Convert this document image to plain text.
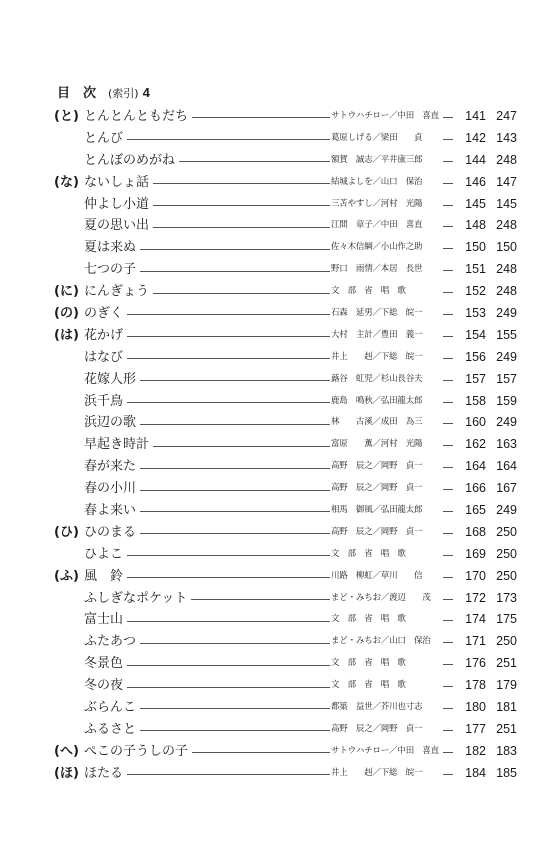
目　次 (索引) 4
(と) とんとんともだち	サトウハチロー／中田　喜直	141 247
とんび	葛原しげる／梁田　　貞	142 143
とんぼのめがね	額賀　誠志／平井康三郎	144 248
(な) ないしょ話	結城よしを／山口　保治	146 147
仲よし小道	三苫やすし／河村　光陽	145 145
夏の思い出	江間　章子／中田　喜直	148 248
夏は来ぬ	佐々木信綱／小山作之助	150 150
七つの子	野口　雨情／本居　長世	151 248
(に) にんぎょう	文　部　省　唱　歌	152 248
(の) のぎく	石森　延男／下総　皖一	153 249
(は) 花かげ	大村　主計／豊田　義一	154 155
はなび	井上　　赳／下総　皖一	156 249
花嫁人形	蕗谷　虹児／杉山長谷夫	157 157
浜千鳥	鹿島　鳴秋／弘田龍太郎	158 159
浜辺の歌	林　　古溪／成田　為三	160 249
早起き時計	富原　　薫／河村　光陽	162 163
春が来た	高野　辰之／岡野　貞一	164 164
春の小川	高野　辰之／岡野　貞一	166 167
春よ来い	相馬　御風／弘田龍太郎	165 249
(ひ) ひのまる	高野　辰之／岡野　貞一	168 250
ひよこ	文　部　省　唱　歌	169 250
(ふ) 風　鈴	川路　柳虹／草川　　信	170 250
ふしぎなポケット	まど・みちお／渡辺　　茂	172 173
富士山	文　部　省　唱　歌	174 175
ふたあつ	まど・みちお／山口　保治	171 250
冬景色	文　部　省　唱　歌	176 251
冬の夜	文　部　省　唱　歌	178 179
ぶらんこ	都築　益世／芥川也寸志	180 181
ふるさと	高野　辰之／岡野　貞一	177 251
(へ) ぺこの子うしの子	サトウハチロー／中田　喜直	182 183
(ほ) ほたる	井上　　赳／下総　皖一	184 185
